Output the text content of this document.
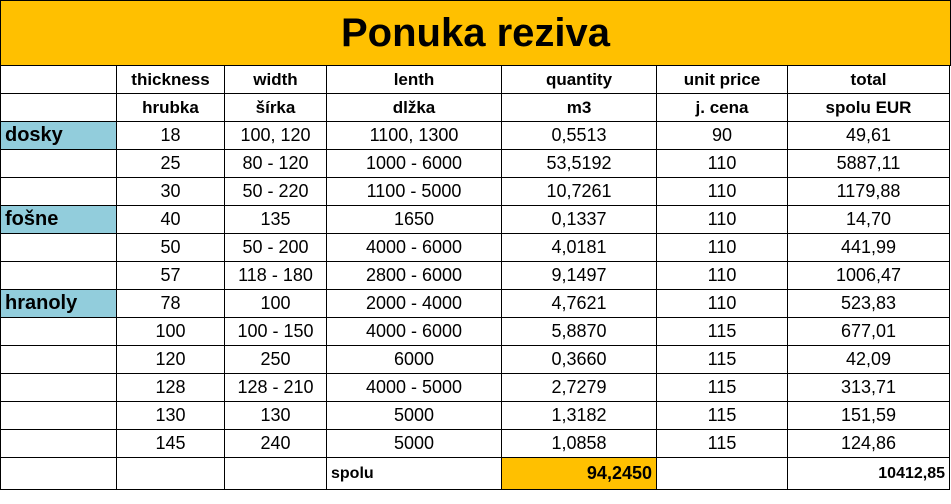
Ponuka reziva
	thickness	width	lenth	quantity	unit price	total
	hrubka	šírka	dlžka	m3	j. cena	spolu EUR
dosky	18	100, 120	1100, 1300	0,5513	90	49,61
	25	80 - 120	1000 - 6000	53,5192	110	5887,11
	30	50 - 220	1100 - 5000	10,7261	110	1179,88
fošne	40	135	1650	0,1337	110	14,70
	50	50 - 200	4000 - 6000	4,0181	110	441,99
	57	118 - 180	2800 - 6000	9,1497	110	1006,47
hranoly	78	100	2000 - 4000	4,7621	110	523,83
	100	100 - 150	4000 - 6000	5,8870	115	677,01
	120	250	6000	0,3660	115	42,09
	128	128 - 210	4000 - 5000	2,7279	115	313,71
	130	130	5000	1,3182	115	151,59
	145	240	5000	1,0858	115	124,86
			spolu	94,2450		10412,85
